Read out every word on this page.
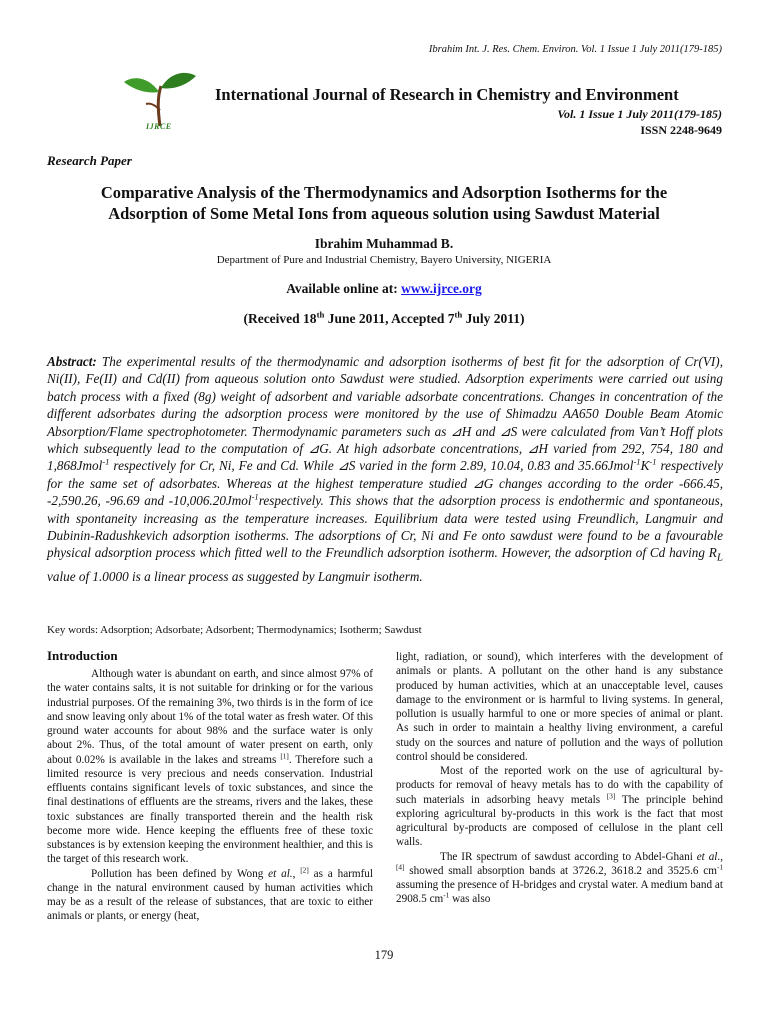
Ibrahim Int. J. Res. Chem. Environ. Vol. 1 Issue 1 July 2011(179-185)
IJRCE
International Journal of Research in Chemistry and Environment
Vol. 1 Issue 1 July 2011(179-185)
ISSN 2248-9649
Research Paper
Comparative Analysis of the Thermodynamics and Adsorption Isotherms for the Adsorption of Some Metal Ions from aqueous solution using Sawdust Material
Ibrahim Muhammad B.
Department of Pure and Industrial Chemistry, Bayero University, NIGERIA
Available online at: www.ijrce.org
(Received 18th June 2011, Accepted 7th July 2011)
Abstract: The experimental results of the thermodynamic and adsorption isotherms of best fit for the adsorption of Cr(VI), Ni(II), Fe(II) and Cd(II) from aqueous solution onto Sawdust were studied. Adsorption experiments were carried out using batch process with a fixed (8g) weight of adsorbent and variable adsorbate concentrations. Changes in concentration of the different adsorbates during the adsorption process were monitored by the use of Shimadzu AA650 Double Beam Atomic Absorption/Flame spectrophotometer. Thermodynamic parameters such as ⊿H and ⊿S were calculated from Van’t Hoff plots which subsequently lead to the computation of ⊿G. At high adsorbate concentrations, ⊿H varied from 292, 754, 180 and 1,868Jmol$^{-1}$ respectively for Cr, Ni, Fe and Cd. While ⊿S varied in the form 2.89, 10.04, 0.83 and $35.66Jmol^{-1}K^{-1}$ respectively for the same set of adsorbates. Whereas at the highest temperature studied ⊿G changes according to the order -666.45, -2,590.26, -96.69 and -10,006.20Jmol$^{-1}$respectively. This shows that the adsorption process is endothermic and spontaneous, with spontaneity increasing as the temperature increases. Equilibrium data were tested using Freundlich, Langmuir and Dubinin-Radushkevich adsorption isotherms. The adsorptions of Cr, Ni and Fe onto sawdust were found to be a favourable physical adsorption process which fitted well to the Freundlich adsorption isotherm. However, the adsorption of Cd having $R_L$ value of 1.0000 is a linear process as suggested by Langmuir isotherm.
Key words: Adsorption; Adsorbate; Adsorbent; Thermodynamics; Isotherm; Sawdust
Introduction

Although water is abundant on earth, and since almost 97% of the water contains salts, it is not suitable for drinking or for the various industrial purposes. Of the remaining 3%, two thirds is in the form of ice and snow leaving only about 1% of the total water as fresh water. Of this ground water accounts for about 98% and the surface water is only about 2%. Thus, of the total amount of water present on earth, only about 0.02% is available in the lakes and streams [1]. Therefore such a limited resource is very precious and needs conservation. Industrial effluents contains significant levels of toxic substances, and since the final destinations of effluents are the streams, rivers and the lakes, these toxic substances are finally transported therein and the health risk become more wide. Hence keeping the effluents free of these toxic substances is by extension keeping the environment healthier, and this is the target of this research work.

Pollution has been defined by Wong et al., [2] as a harmful change in the natural environment caused by human activities which may be as a result of the release of substances, that are toxic to either animals or plants, or energy (heat,

light, radiation, or sound), which interferes with the development of animals or plants. A pollutant on the other hand is any substance produced by human activities, which at an unacceptable level, causes damage to the environment or is harmful to living systems. In general, pollution is usually harmful to one or more species of animal or plant. As such in order to maintain a healthy living environment, a careful study on the sources and nature of pollution and the ways of pollution control should be considered.

Most of the reported work on the use of agricultural by-products for removal of heavy metals has to do with the capability of such materials in adsorbing heavy metals [3] The principle behind exploring agricultural by-products in this work is the fact that most agricultural by-products are composed of cellulose in the plant cell walls.

The IR spectrum of sawdust according to Abdel-Ghani et al., [4] showed small absorption bands at 3726.2, 3618.2 and 3525.6 $cm^{-1}$ assuming the presence of H-bridges and crystal water. A medium band at 2908.5 $cm^{-1}$ was also

179
